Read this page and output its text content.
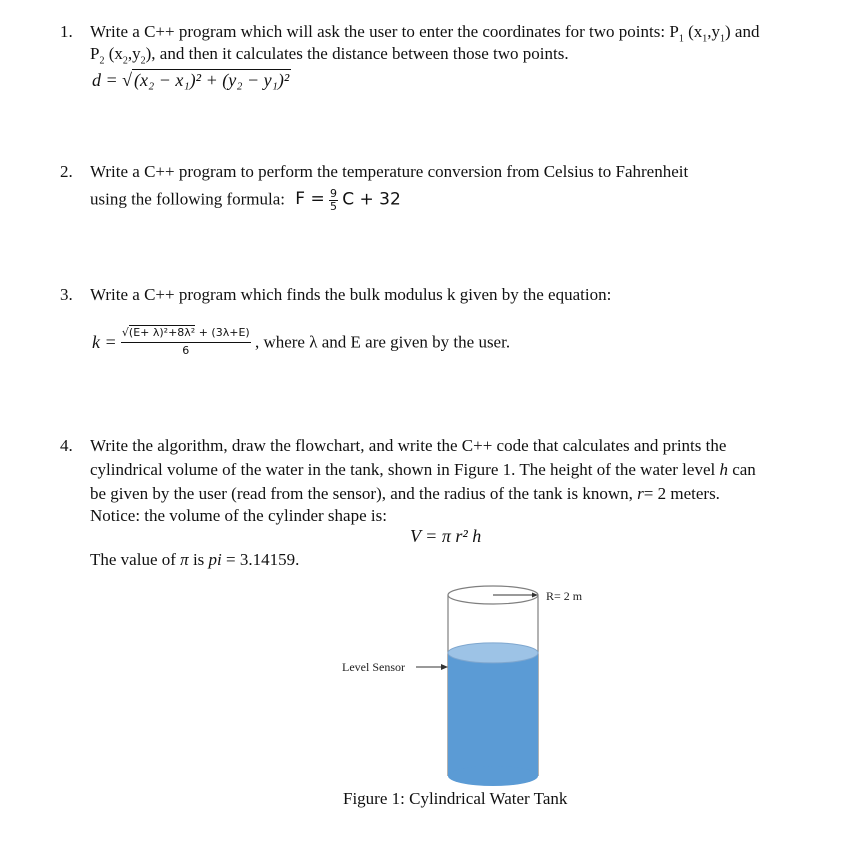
1. Write a C++ program which will ask the user to enter the coordinates for two points: $P_1$ $(x_1,y_1)$ and
$P_2$ $(x_2,y_2)$, and then it calculates the distance between those two points.
d = √ (x₂ − x₁)² + (y₂ − y₁)²
2. Write a C++ program to perform the temperature conversion from Celsius to Fahrenheit
using the following formula: $F = \frac{9}{5}$ C + 32
3. Write a C++ program which finds the bulk modulus k given by the equation:
$k = \frac{\text{√(E+ λ)²+8λ² + (3λ+E)}}{6}$ , where λ and E are given by the user.
4. Write the algorithm, draw the flowchart, and write the C++ code that calculates and prints the
cylindrical volume of the water in the tank, shown in Figure 1. The height of the water level h can
be given by the user (read from the sensor), and the radius of the tank is known, r= 2 meters.
Notice: the volume of the cylinder shape is:
V = π r² h
The value of π is pi = 3.14159.
R= 2 m
Level Sensor
Figure 1: Cylindrical Water Tank
